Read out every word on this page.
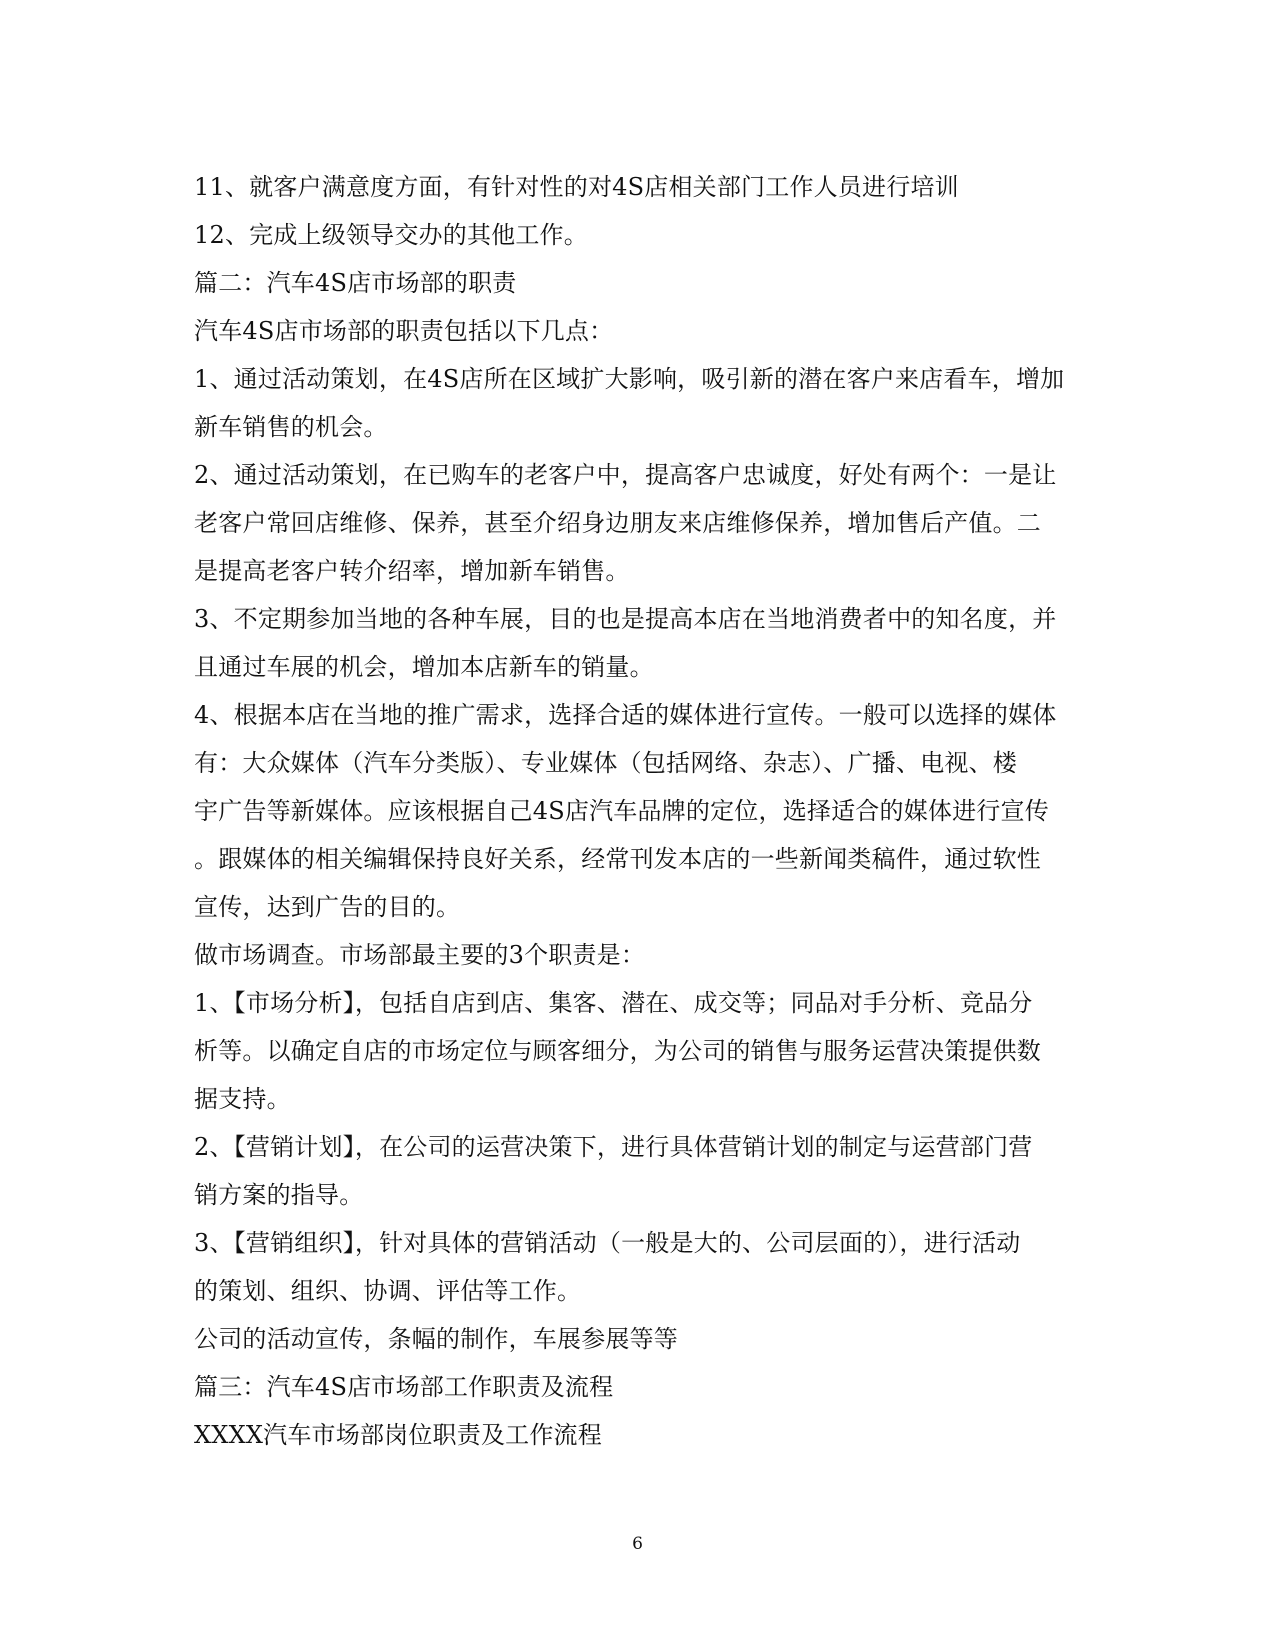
11、就客户满意度方面，有针对性的对4S店相关部门工作人员进行培训
12、完成上级领导交办的其他工作。
篇二：汽车4S店市场部的职责
汽车4S店市场部的职责包括以下几点：
1、通过活动策划，在4S店所在区域扩大影响，吸引新的潜在客户来店看车，增加
新车销售的机会。
2、通过活动策划，在已购车的老客户中，提高客户忠诚度，好处有两个：一是让
老客户常回店维修、保养，甚至介绍身边朋友来店维修保养，增加售后产值。二
是提高老客户转介绍率，增加新车销售。
3、不定期参加当地的各种车展，目的也是提高本店在当地消费者中的知名度，并
且通过车展的机会，增加本店新车的销量。
4、根据本店在当地的推广需求，选择合适的媒体进行宣传。一般可以选择的媒体
有：大众媒体（汽车分类版）、专业媒体（包括网络、杂志）、广播、电视、楼
宇广告等新媒体。应该根据自己4S店汽车品牌的定位，选择适合的媒体进行宣传
。跟媒体的相关编辑保持良好关系，经常刊发本店的一些新闻类稿件，通过软性
宣传，达到广告的目的。
做市场调查。市场部最主要的3个职责是：
1、【市场分析】，包括自店到店、集客、潜在、成交等；同品对手分析、竞品分
析等。以确定自店的市场定位与顾客细分，为公司的销售与服务运营决策提供数
据支持。
2、【营销计划】，在公司的运营决策下，进行具体营销计划的制定与运营部门营
销方案的指导。
3、【营销组织】，针对具体的营销活动（一般是大的、公司层面的），进行活动
的策划、组织、协调、评估等工作。
公司的活动宣传，条幅的制作，车展参展等等
篇三：汽车4S店市场部工作职责及流程
XXXX汽车市场部岗位职责及工作流程
6
